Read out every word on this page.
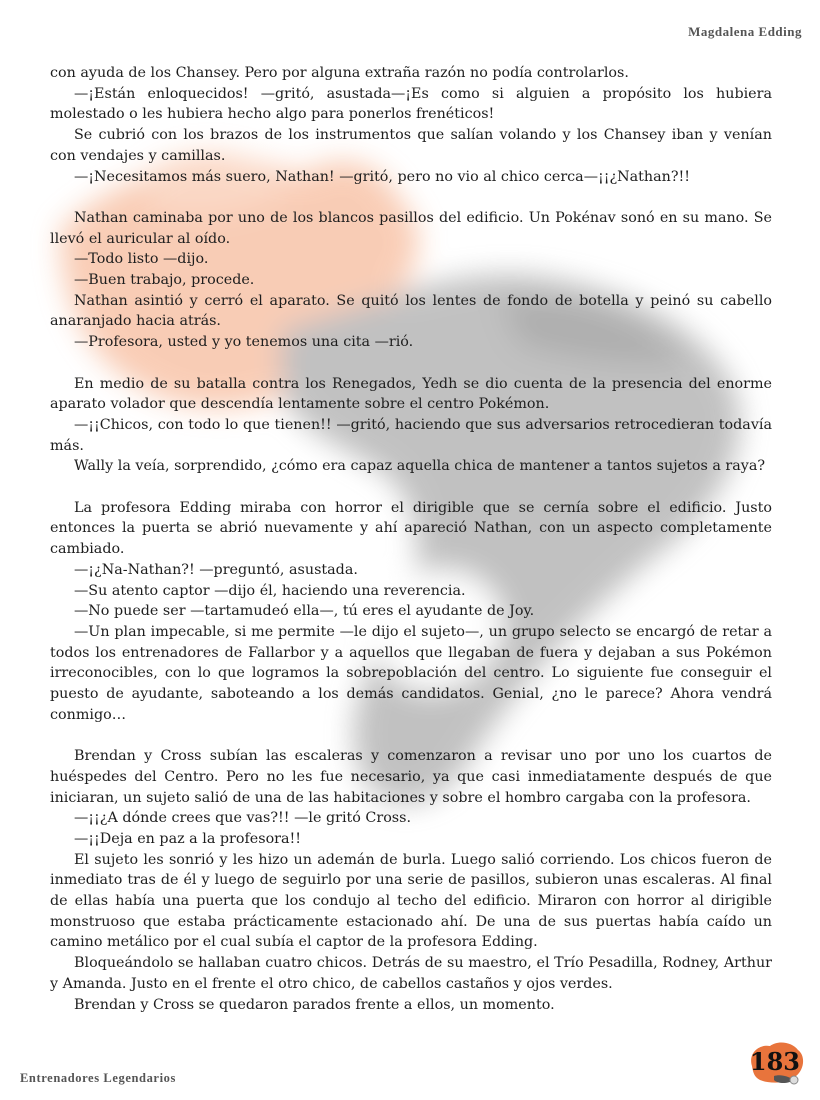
Magdalena Edding

con ayuda de los Chansey. Pero por alguna extraña razón no podía controlarlos.

—¡Están enloquecidos! —gritó, asustada—¡Es como si alguien a propósito los hubiera molestado o les hubiera hecho algo para ponerlos frenéticos!

Se cubrió con los brazos de los instrumentos que salían volando y los Chansey iban y venían con vendajes y camillas.

—¡Necesitamos más suero, Nathan! —gritó, pero no vio al chico cerca—¡¡¿Nathan?!!

Nathan caminaba por uno de los blancos pasillos del edificio. Un Pokénav sonó en su mano. Se llevó el auricular al oído.

—Todo listo —dijo.

—Buen trabajo, procede.

Nathan asintió y cerró el aparato. Se quitó los lentes de fondo de botella y peinó su cabello anaranjado hacia atrás.

—Profesora, usted y yo tenemos una cita —rió.

En medio de su batalla contra los Renegados, Yedh se dio cuenta de la presencia del enorme aparato volador que descendía lentamente sobre el centro Pokémon.

—¡¡Chicos, con todo lo que tienen!! —gritó, haciendo que sus adversarios retrocedieran todavía más.

Wally la veía, sorprendido, ¿cómo era capaz aquella chica de mantener a tantos sujetos a raya?

La profesora Edding miraba con horror el dirigible que se cernía sobre el edificio. Justo entonces la puerta se abrió nuevamente y ahí apareció Nathan, con un aspecto completamente cambiado.

—¡¿Na-Nathan?! —preguntó, asustada.

—Su atento captor —dijo él, haciendo una reverencia.

—No puede ser —tartamudeó ella—, tú eres el ayudante de Joy.

—Un plan impecable, si me permite —le dijo el sujeto—, un grupo selecto se encargó de retar a todos los entrenadores de Fallarbor y a aquellos que llegaban de fuera y dejaban a sus Pokémon irreconocibles, con lo que logramos la sobrepoblación del centro. Lo siguiente fue conseguir el puesto de ayudante, saboteando a los demás candidatos. Genial, ¿no le parece? Ahora vendrá conmigo…

Brendan y Cross subían las escaleras y comenzaron a revisar uno por uno los cuartos de huéspedes del Centro. Pero no les fue necesario, ya que casi inmediatamente después de que iniciaran, un sujeto salió de una de las habitaciones y sobre el hombro cargaba con la profesora.

—¡¡¿A dónde crees que vas?!! —le gritó Cross.

—¡¡Deja en paz a la profesora!!

El sujeto les sonrió y les hizo un ademán de burla. Luego salió corriendo. Los chicos fueron de inmediato tras de él y luego de seguirlo por una serie de pasillos, subieron unas escaleras. Al final de ellas había una puerta que los condujo al techo del edificio. Miraron con horror al dirigible monstruoso que estaba prácticamente estacionado ahí. De una de sus puertas había caído un camino metálico por el cual subía el captor de la profesora Edding.

Bloqueándolo se hallaban cuatro chicos. Detrás de su maestro, el Trío Pesadilla, Rodney, Arthur y Amanda. Justo en el frente el otro chico, de cabellos castaños y ojos verdes.

Brendan y Cross se quedaron parados frente a ellos, un momento.

Entrenadores Legendarios
183
